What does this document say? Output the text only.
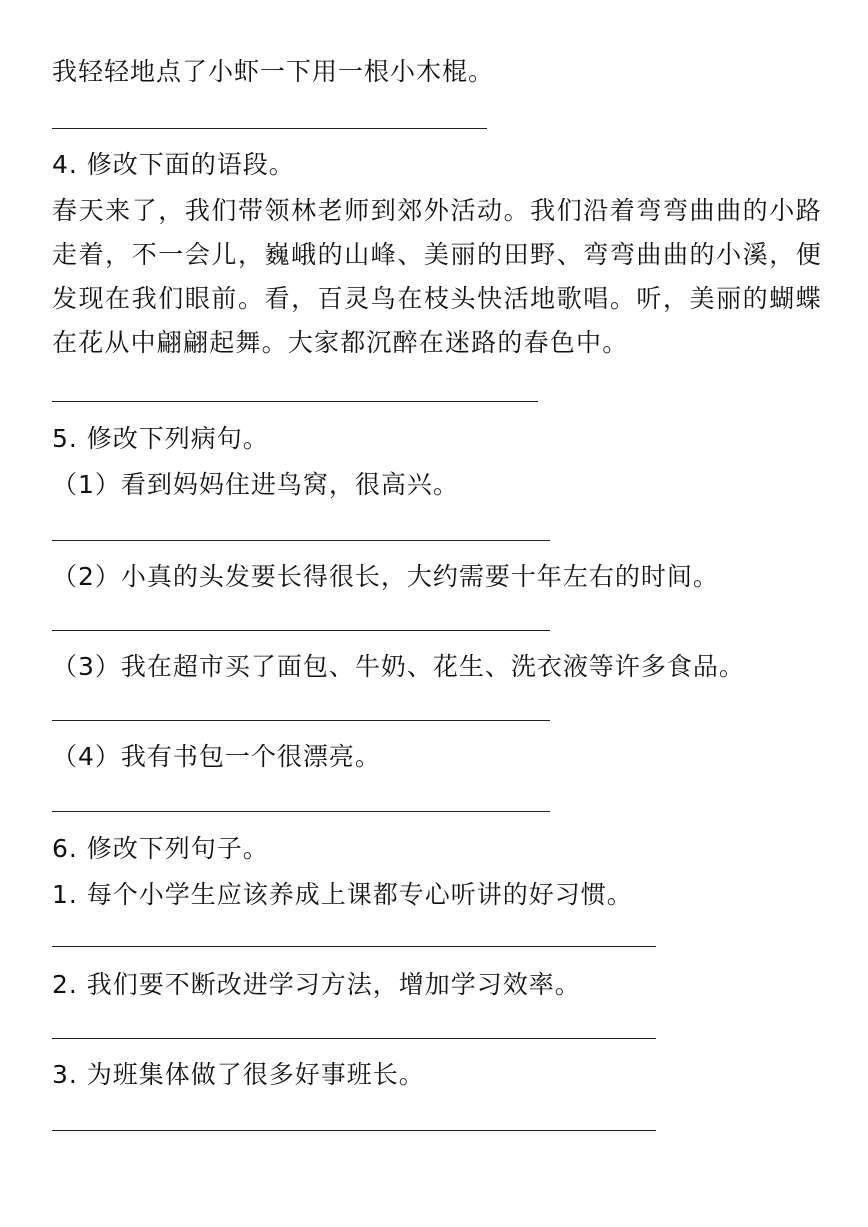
我轻轻地点了小虾一下用一根小木棍。
4. 修改下面的语段。
春天来了，我们带领林老师到郊外活动。我们沿着弯弯曲曲的小路走着，不一会儿，巍峨的山峰、美丽的田野、弯弯曲曲的小溪，便发现在我们眼前。看，百灵鸟在枝头快活地歌唱。听，美丽的蝴蝶在花从中翩翩起舞。大家都沉醉在迷路的春色中。
5. 修改下列病句。
（1）看到妈妈住进鸟窝，很高兴。
（2）小真的头发要长得很长，大约需要十年左右的时间。
（3）我在超市买了面包、牛奶、花生、洗衣液等许多食品。
（4）我有书包一个很漂亮。
6. 修改下列句子。
1. 每个小学生应该养成上课都专心听讲的好习惯。
2. 我们要不断改进学习方法，增加学习效率。
3. 为班集体做了很多好事班长。
